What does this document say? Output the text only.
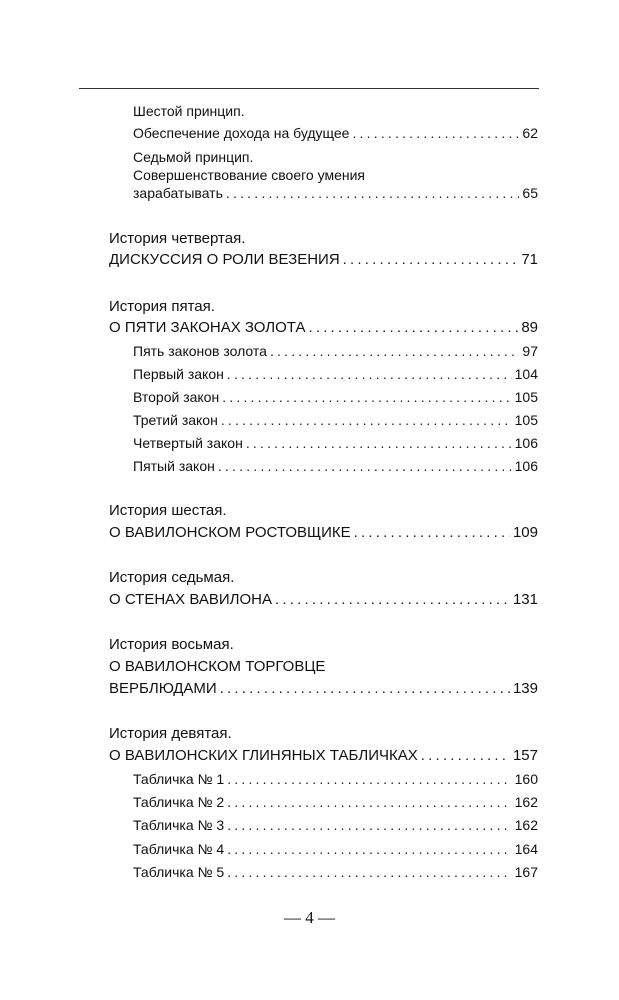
Шестой принцип.
Обеспечение дохода на будущее .....	62
Седьмой принцип.
Совершенствование своего умения
зарабатывать .....	65
История четвертая.
ДИСКУССИЯ О РОЛИ ВЕЗЕНИЯ .....	71
История пятая.
О ПЯТИ ЗАКОНАХ ЗОЛОТА .....	89
Пять законов золота .....	97
Первый закон .....	104
Второй закон .....	105
Третий закон .....	105
Четвертый закон .....	106
Пятый закон .....	106
История шестая.
О ВАВИЛОНСКОМ РОСТОВЩИКЕ .....	109
История седьмая.
О СТЕНАХ ВАВИЛОНА .....	131
История восьмая.
О ВАВИЛОНСКОМ ТОРГОВЦЕ
ВЕРБЛЮДАМИ .....	139
История девятая.
О ВАВИЛОНСКИХ ГЛИНЯНЫХ ТАБЛИЧКАХ .....	157
Табличка № 1 .....	160
Табличка № 2 .....	162
Табличка № 3 .....	162
Табличка № 4 .....	164
Табличка № 5 .....	167
— 4 —
